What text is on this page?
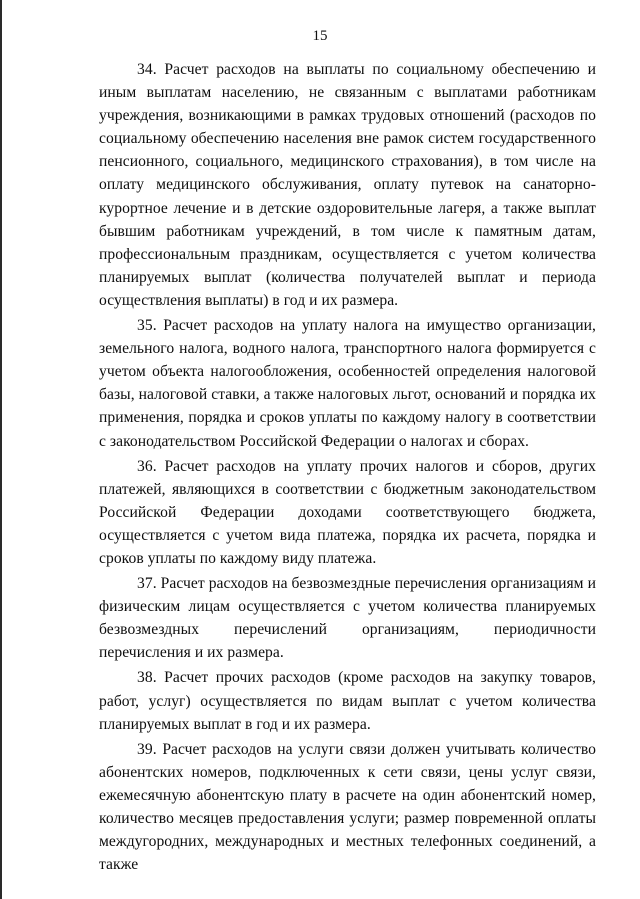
15

34. Расчет расходов на выплаты по социальному обеспечению и иным выплатам населению, не связанным с выплатами работникам учреждения, возникающими в рамках трудовых отношений (расходов по социальному обеспечению населения вне рамок систем государственного пенсионного, социального, медицинского страхования), в том числе на оплату медицинского обслуживания, оплату путевок на санаторно-курортное лечение и в детские оздоровительные лагеря, а также выплат бывшим работникам учреждений, в том числе к памятным датам, профессиональным праздникам, осуществляется с учетом количества планируемых выплат (количества получателей выплат и периода осуществления выплаты) в год и их размера.

35. Расчет расходов на уплату налога на имущество организации, земельного налога, водного налога, транспортного налога формируется с учетом объекта налогообложения, особенностей определения налоговой базы, налоговой ставки, а также налоговых льгот, оснований и порядка их применения, порядка и сроков уплаты по каждому налогу в соответствии с законодательством Российской Федерации о налогах и сборах.

36. Расчет расходов на уплату прочих налогов и сборов, других платежей, являющихся в соответствии с бюджетным законодательством Российской Федерации доходами соответствующего бюджета, осуществляется с учетом вида платежа, порядка их расчета, порядка и сроков уплаты по каждому виду платежа.

37. Расчет расходов на безвозмездные перечисления организациям и физическим лицам осуществляется с учетом количества планируемых безвозмездных перечислений организациям, периодичности перечисления и их размера.

38. Расчет прочих расходов (кроме расходов на закупку товаров, работ, услуг) осуществляется по видам выплат с учетом количества планируемых выплат в год и их размера.

39. Расчет расходов на услуги связи должен учитывать количество абонентских номеров, подключенных к сети связи, цены услуг связи, ежемесячную абонентскую плату в расчете на один абонентский номер, количество месяцев предоставления услуги; размер повременной оплаты междугородних, международных и местных телефонных соединений, а также
